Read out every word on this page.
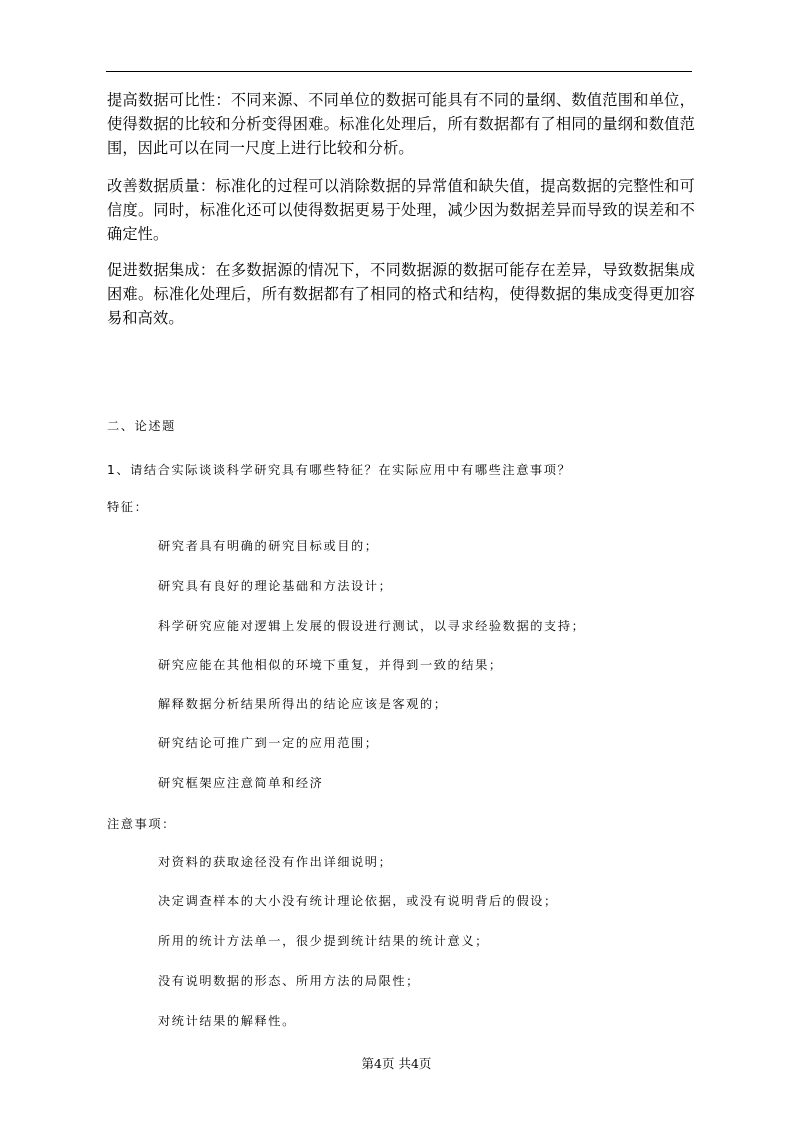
提高数据可比性：不同来源、不同单位的数据可能具有不同的量纲、数值范围和单位，使得数据的比较和分析变得困难。标准化处理后，所有数据都有了相同的量纲和数值范围，因此可以在同一尺度上进行比较和分析。

改善数据质量：标准化的过程可以消除数据的异常值和缺失值，提高数据的完整性和可信度。同时，标准化还可以使得数据更易于处理，减少因为数据差异而导致的误差和不确定性。

促进数据集成：在多数据源的情况下，不同数据源的数据可能存在差异，导致数据集成困难。标准化处理后，所有数据都有了相同的格式和结构，使得数据的集成变得更加容易和高效。

二、论述题

1、请结合实际谈谈科学研究具有哪些特征？在实际应用中有哪些注意事项？

特征：

研究者具有明确的研究目标或目的；

研究具有良好的理论基础和方法设计；

科学研究应能对逻辑上发展的假设进行测试，以寻求经验数据的支持；

研究应能在其他相似的环境下重复，并得到一致的结果；

解释数据分析结果所得出的结论应该是客观的；

研究结论可推广到一定的应用范围；

研究框架应注意简单和经济

注意事项：

对资料的获取途径没有作出详细说明；

决定调查样本的大小没有统计理论依据，或没有说明背后的假设；

所用的统计方法单一，很少提到统计结果的统计意义；

没有说明数据的形态、所用方法的局限性；

对统计结果的解释性。

第4页 共4页
